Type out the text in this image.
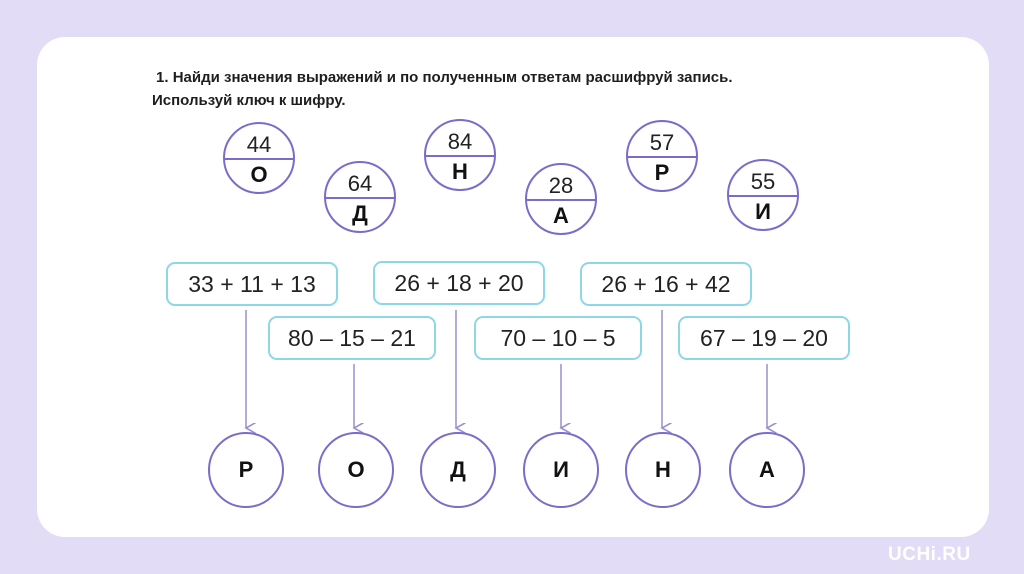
1. Найди значения выражений и по полученным ответам расшифруй запись.
Используй ключ к шифру.
44
О	64
Д
84
Н
28
А
57
Р	55
И
33 + 11 + 13
80 – 15 – 21
26 + 18 + 20
70 – 10 – 5
26 + 16 + 42
67 – 19 – 20
Р	О	Д	И	Н	А
UCHi.RU
